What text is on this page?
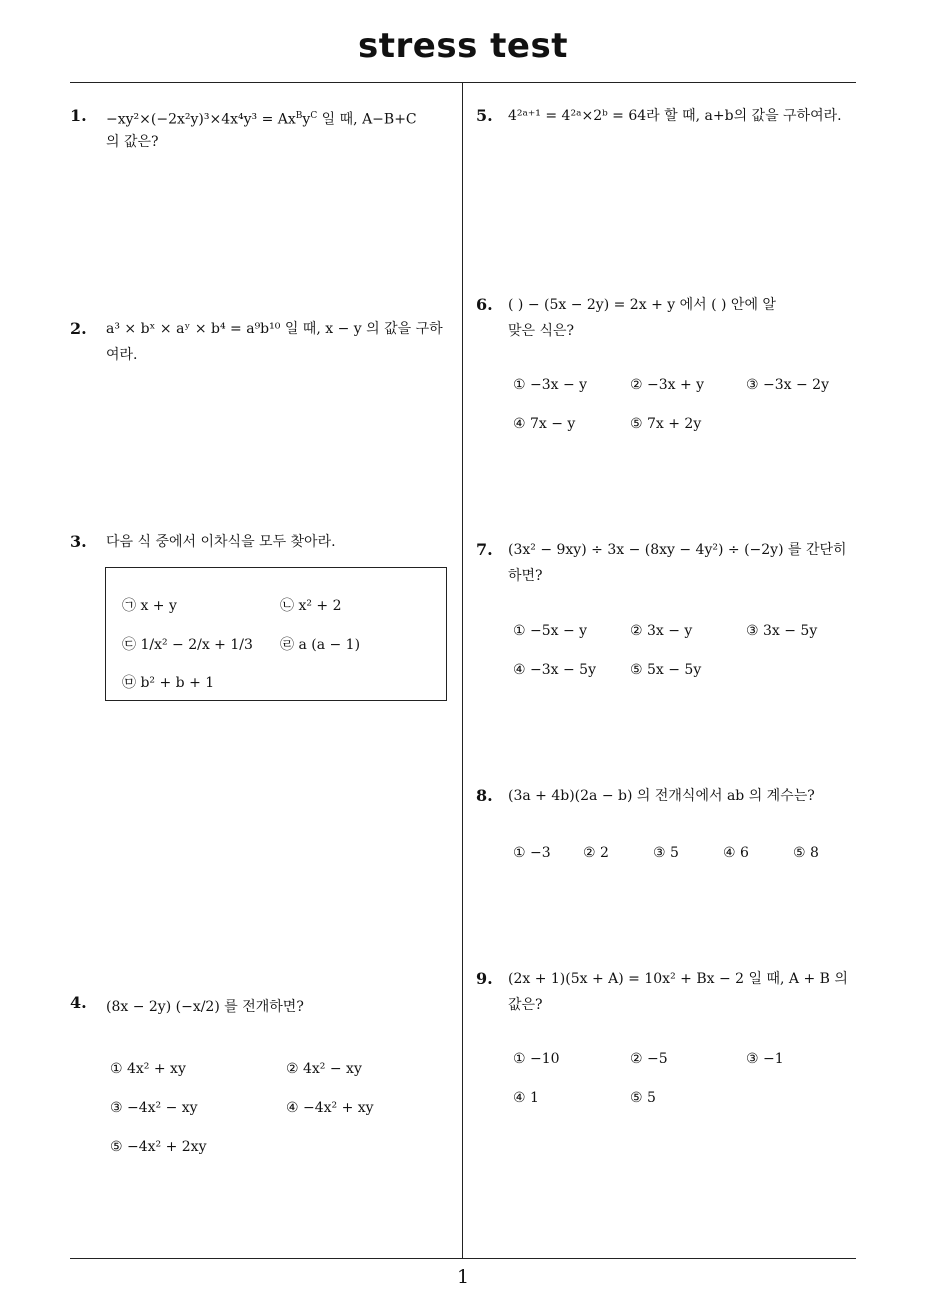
stress test
1
1. $-xy^2\times(-2x^2y)^3\times 4x^4y^3 = Ax^By^C$ 일 때, A−B+C
의 값은?
2. a³ × bˣ × aʸ × b⁴ = a⁹b¹⁰ 일 때, x − y 의 값을 구하
여라.
3. 다음 식 중에서 이차식을 모두 찾아라.
㉠ x + y	㉡ x² + 2
㉢ 1/x² − 2/x + 1/3 ㉣ a (a − 1)
㉤ b² + b + 1
4. (8x − 2y) (−x/2) 를 전개하면?
① 4x² + xy	② 4x² − xy
③ −4x² − xy	④ −4x² + xy
⑤ −4x² + 2xy
5. 4²ᵃ⁺¹ = 4²ᵃ×2ᵇ = 64라 할 때, a+b의 값을 구하여라.
6. ( ) − (5x − 2y) = 2x + y 에서 ( ) 안에 알
맞은 식은?
① −3x − y	② −3x + y	③ −3x − 2y
④ 7x − y	⑤ 7x + 2y
7. (3x² − 9xy) ÷ 3x − (8xy − 4y²) ÷ (−2y) 를 간단히
하면?
① −5x − y	② 3x − y	③ 3x − 5y
④ −3x − 5y ⑤ 5x − 5y
8. (3a + 4b)(2a − b) 의 전개식에서 ab 의 계수는?
① −3 ② 2	③ 5	④ 6	⑤ 8
9. (2x + 1)(5x + A) = 10x² + Bx − 2 일 때, A + B 의
값은?
① −10	② −5	③ −1
④ 1	⑤ 5
